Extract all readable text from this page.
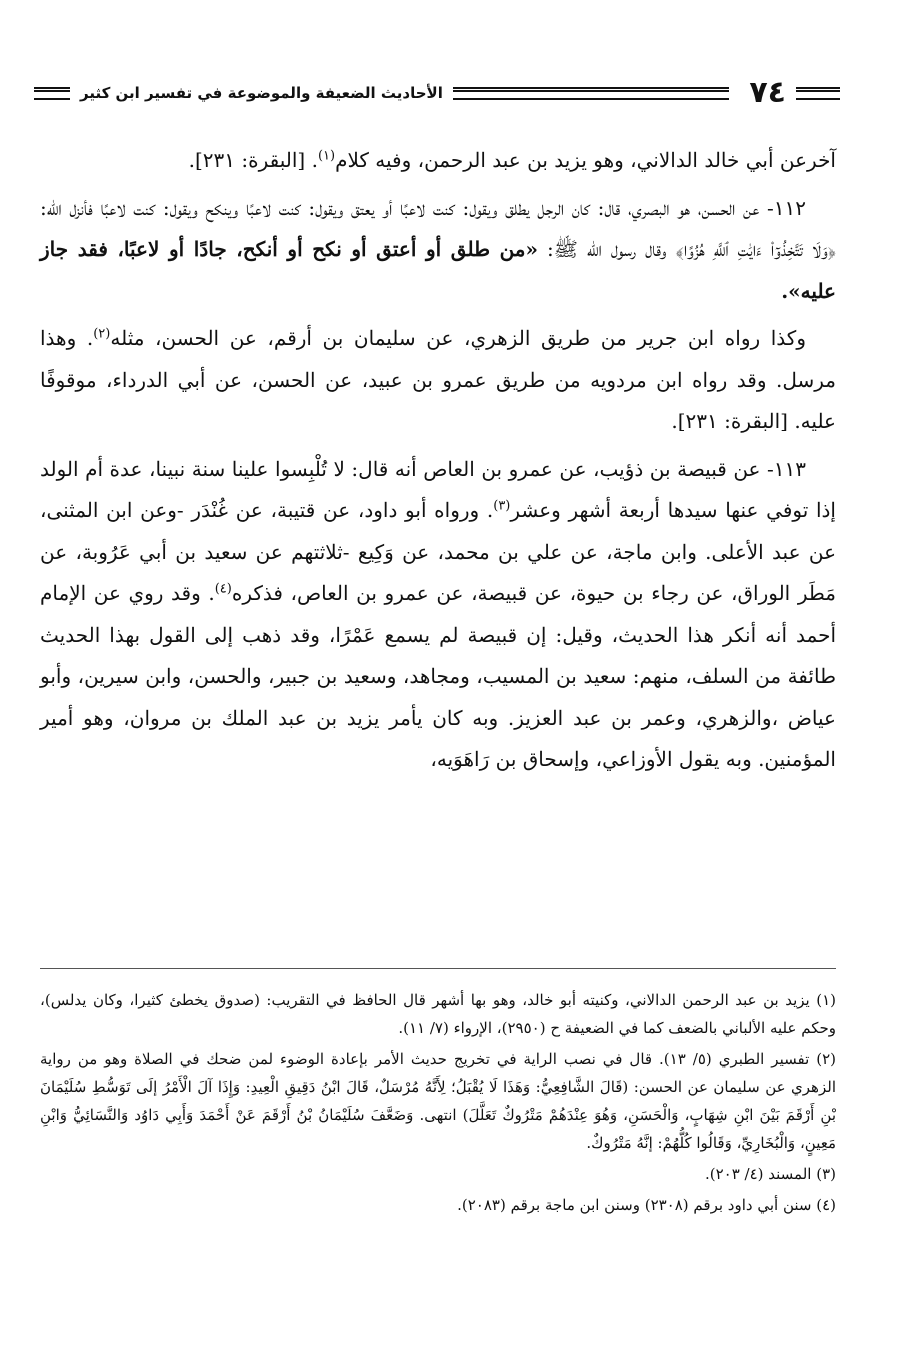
٧٤
الأحاديث الضعيفة والموضوعة في تفسير ابن كثير

آخرعن أبي خالد الدالاني، وهو يزيد بن عبد الرحمن، وفيه كلام$^{(١)}$. [البقرة: ٢٣١].

١١٢- عن الحسن، هو البصري، قال: كان الرجل يطلق ويقول: كنت لاعبًا أو يعتق ويقول: كنت لاعبًا وينكح ويقول: كنت لاعبًا فأنزل الله: ﴿وَلَا تَتَّخِذُوٓا۟ ءَايَٰتِ ٱللَّهِ هُزُوًا﴾ وقال رسول الله ﷺ: «من طلق أو أعتق أو نكح أو أنكح، جادًا أو لاعبًا، فقد جاز عليه».

وكذا رواه ابن جرير من طريق الزهري، عن سليمان بن أرقم، عن الحسن، مثله$^{(٢)}$. وهذا مرسل. وقد رواه ابن مردويه من طريق عمرو بن عبيد، عن الحسن، عن أبي الدرداء، موقوفًا عليه. [البقرة: ٢٣١].

١١٣- عن قبيصة بن ذؤيب، عن عمرو بن العاص أنه قال: لا تُلْبِسوا علينا سنة نبينا، عدة أم الولد إذا توفي عنها سيدها أربعة أشهر وعشر$^{(٣)}$. ورواه أبو داود، عن قتيبة، عن غُنْدَر -وعن ابن المثنى، عن عبد الأعلى. وابن ماجة، عن علي بن محمد، عن وَكِيع -ثلاثتهم عن سعيد بن أبي عَرُوبة، عن مَطَر الوراق، عن رجاء بن حيوة، عن قبيصة، عن عمرو بن العاص، فذكره$^{(٤)}$. وقد روي عن الإمام أحمد أنه أنكر هذا الحديث، وقيل: إن قبيصة لم يسمع عَمْرًا، وقد ذهب إلى القول بهذا الحديث طائفة من السلف، منهم: سعيد بن المسيب، ومجاهد، وسعيد بن جبير، والحسن، وابن سيرين، وأبو عياض ،والزهري، وعمر بن عبد العزيز. وبه كان يأمر يزيد بن عبد الملك بن مروان، وهو أمير المؤمنين. وبه يقول الأوزاعي، وإسحاق بن رَاهَوَيه،

(١) يزيد بن عبد الرحمن الدالاني، وكنيته أبو خالد، وهو بها أشهر قال الحافظ في التقريب: (صدوق يخطئ كثيرا، وكان يدلس)، وحكم عليه الألباني بالضعف كما في الضعيفة ح (٢٩٥٠)، الإرواء (٧/ ١١).

(٢) تفسير الطبري (٥/ ١٣). قال في نصب الراية في تخريج حديث الأمر بإعادة الوضوء لمن ضحك في الصلاة وهو من رواية الزهري عن سليمان عن الحسن: (قَالَ الشَّافِعِيُّ: وَهَذَا لَا يُقْبَلُ؛ لِأَنَّهُ مُرْسَلٌ، قَالَ ابْنُ دَقِيقِ الْعِيدِ: وَإِذَا آلَ الْأَمْرُ إلَى تَوَسُّطِ سُلَيْمَانَ بْنِ أَرْقَمَ بَيْنَ ابْنِ شِهَابٍ، وَالْحَسَنِ، وَهُوَ عِنْدَهُمْ مَتْرُوكٌ تَعَلَّلَ) انتهى. وَضَعَّفَ سُلَيْمَانُ بْنُ أَرْقَمَ عَنْ أَحْمَدَ وَأَبِي دَاوُد وَالنَّسَائِيُّ وَابْنِ مَعِينٍ، وَالْبُخَارِيِّ، وَقَالُوا كُلُّهُمْ: إنَّهُ مَتْرُوكٌ.

(٣) المسند (٤/ ٢٠٣).

(٤) سنن أبي داود برقم (٢٣٠٨) وسنن ابن ماجة برقم (٢٠٨٣).
